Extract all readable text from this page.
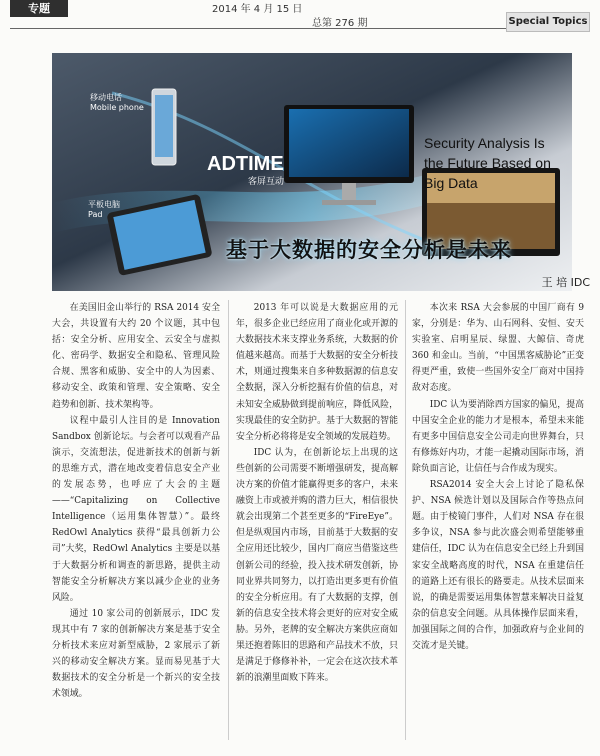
专题	2014 年 4 月 15 日
总第 276 期	Special Topics
ADTIME
移动电话
Mobile phone
平板电脑
Pad
客屏互动
Security Analysis Is the Future Based on Big Data
基于大数据的安全分析是未来
王 培 IDC

在美国旧金山举行的 RSA 2014 安全大会，共设置有大约 20 个议题，其中包括：安全分析、应用安全、云安全与虚拟化、密码学、数据安全和隐私、管理风险合规、黑客和威胁、安全中的人为因素、移动安全、政策和管理、安全策略、安全趋势和创新、技术架构等。

议程中最引人注目的是 Innovation Sandbox 创新论坛。与会者可以观看产品演示，交流想法，促进新技术的创新与新的思维方式，潜在地改变着信息安全产业的发展态势，也呼应了大会的主题——“Capitalizing on Collective Intelligence（运用集体智慧）”。最终 RedOwl Analytics 获得“最具创新力公司”大奖，RedOwl Analytics 主要是以基于大数据分析和调查的新思路，提供主动智能安全分析解决方案以减少企业的业务风险。

通过 10 家公司的创新展示，IDC 发现其中有 7 家的创新解决方案是基于安全分析技术来应对新型威胁，2 家展示了新兴的移动安全解决方案。显而易见基于大数据技术的安全分析是一个新兴的安全技术领域。

2013 年可以说是大数据应用的元年，很多企业已经应用了商业化或开源的大数据技术来支撑业务系统，大数据的价值越来越高。而基于大数据的安全分析技术，则通过搜集来自多种数据源的信息安全数据，深入分析挖掘有价值的信息，对未知安全威胁做到提前响应，降低风险，实现最佳的安全防护。基于大数据的智能安全分析必将将是安全领域的发展趋势。

IDC 认为，在创新论坛上出现的这些创新的公司需要不断增强研发，提高解决方案的价值才能赢得更多的客户，未来融资上市或被并购的潜力巨大，相信很快就会出现第二个甚至更多的“FireEye”。但是纵观国内市场，目前基于大数据的安全应用还比较少，国内厂商应当借鉴这些创新公司的经验，投入技术研发创新，协同业界共同努力，以打造出更多更有价值的安全分析应用。有了大数据的支撑，创新的信息安全技术将会更好的应对安全威胁。另外，老牌的安全解决方案供应商如果还抱着陈旧的思路和产品技术不放，只是满足于修修补补，一定会在这次技术革新的浪潮里面败下阵来。

本次来 RSA 大会参展的中国厂商有 9 家，分别是：华为、山石网科、安恒、安天实验室、启明星辰、绿盟、大鲸信、奇虎 360 和金山。当前，“中国黑客威胁论”正变得更严重，致使一些国外安全厂商对中国持敌对态度。

IDC 认为要消除西方国家的偏见，提高中国安全企业的能力才是根本，希望未来能有更多中国信息安全公司走向世界舞台，只有修炼好内功，才能一起撬动国际市场，消除负面言论，让信任与合作成为现实。

RSA2014 安全大会上讨论了隐私保护、NSA 候选计划以及国际合作等热点问题。由于棱镜门事件，人们对 NSA 存在很多争议，NSA 参与此次盛会则希望能够重建信任，IDC 认为在信息安全已经上升到国家安全战略高度的时代，NSA 在重建信任的道路上还有很长的路要走。从技术层面来说，的确是需要运用集体智慧来解决日益复杂的信息安全问题。从具体操作层面来看，加强国际之间的合作，加强政府与企业间的交流才是关键。
